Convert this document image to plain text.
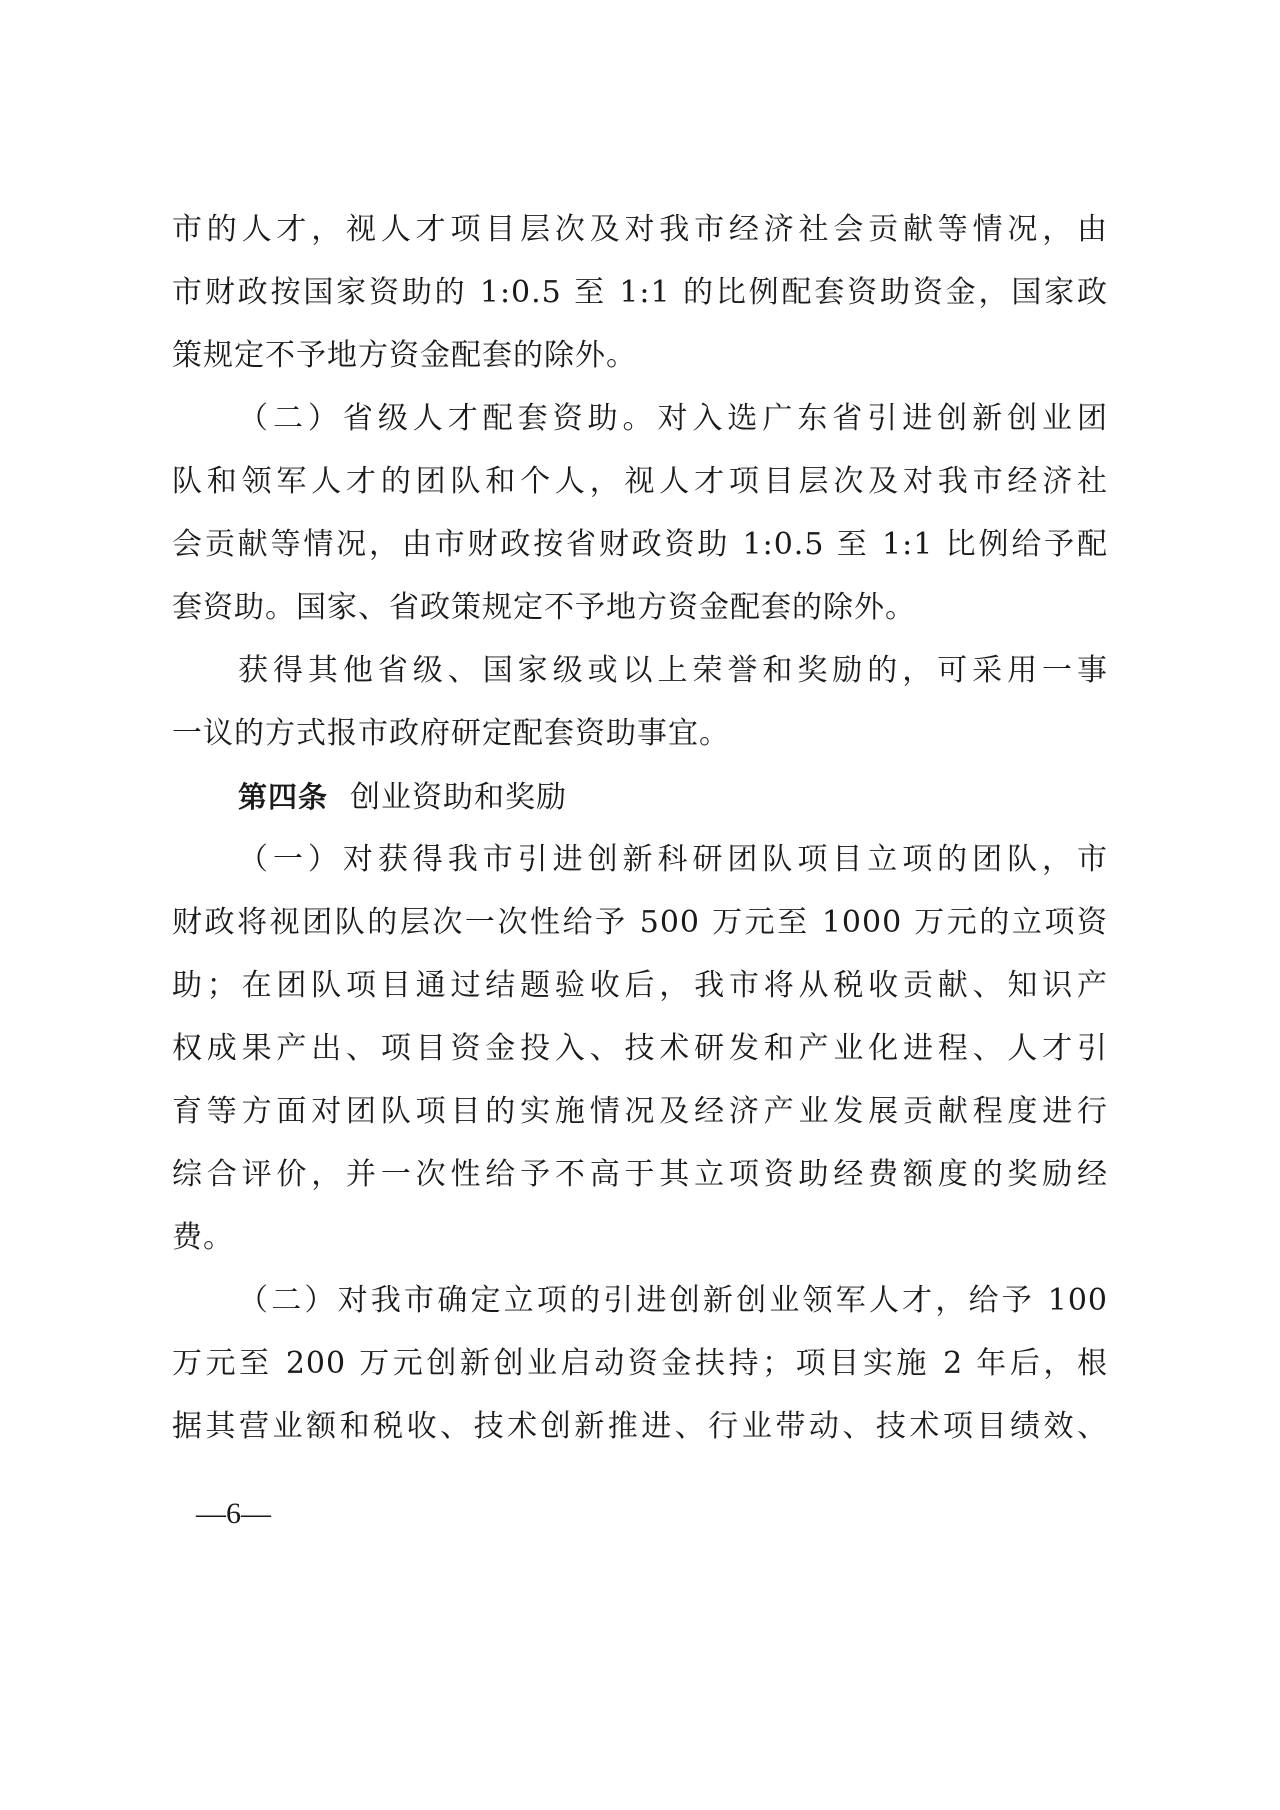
市的人才，视人才项目层次及对我市经济社会贡献等情况，由
市财政按国家资助的 1:0.5 至 1:1 的比例配套资助资金，国家政
策规定不予地方资金配套的除外。
（二）省级人才配套资助。对入选广东省引进创新创业团
队和领军人才的团队和个人，视人才项目层次及对我市经济社
会贡献等情况，由市财政按省财政资助 1:0.5 至 1:1 比例给予配
套资助。国家、省政策规定不予地方资金配套的除外。
获得其他省级、国家级或以上荣誉和奖励的，可采用一事
一议的方式报市政府研定配套资助事宜。
第四条 创业资助和奖励
（一）对获得我市引进创新科研团队项目立项的团队，市
财政将视团队的层次一次性给予 500 万元至 1000 万元的立项资
助；在团队项目通过结题验收后，我市将从税收贡献、知识产
权成果产出、项目资金投入、技术研发和产业化进程、人才引
育等方面对团队项目的实施情况及经济产业发展贡献程度进行
综合评价，并一次性给予不高于其立项资助经费额度的奖励经
费。
（二）对我市确定立项的引进创新创业领军人才，给予 100
万元至 200 万元创新创业启动资金扶持；项目实施 2 年后，根
据其营业额和税收、技术创新推进、行业带动、技术项目绩效、
—6—
